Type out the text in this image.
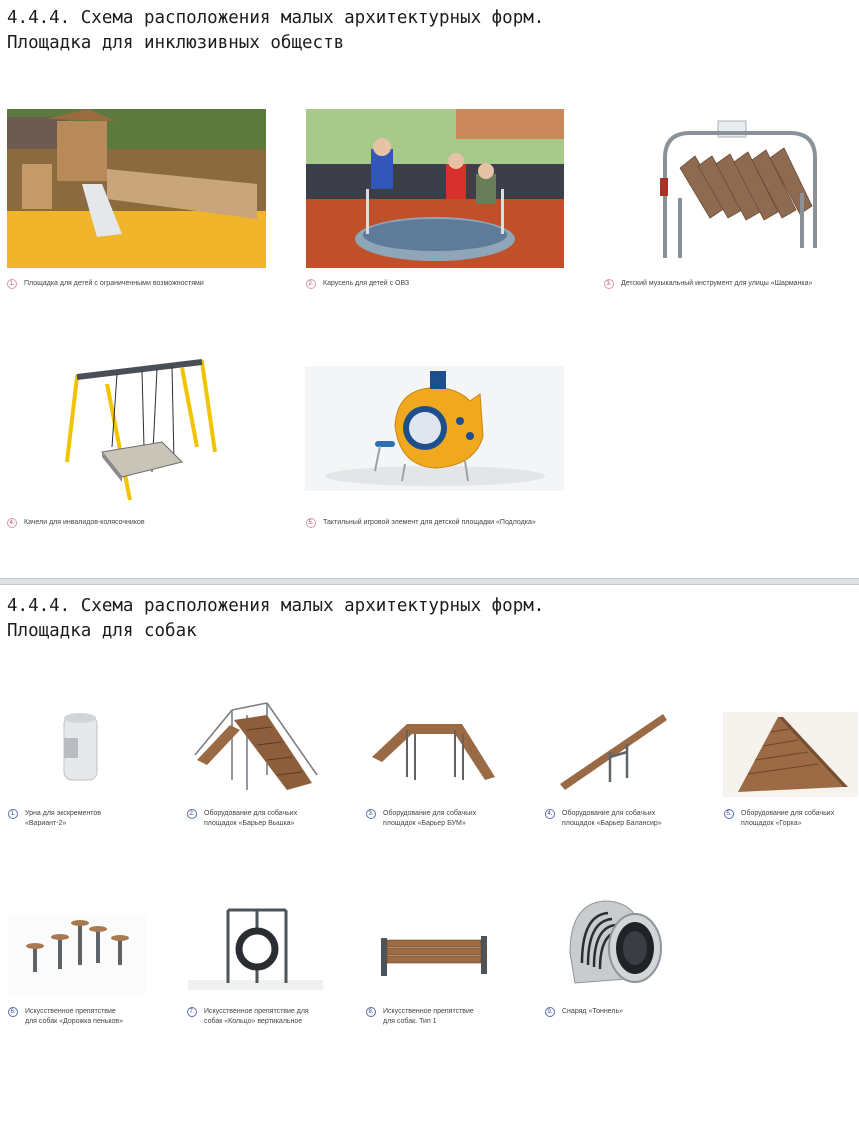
4.4.4. Схема расположения малых архитектурных форм.
Площадка для инклюзивных обществ
1.	Площадка для детей с ограниченными возможностями	2.	Карусель для детей с ОВЗ	3.	Детский музыкальный инструмент для улицы «Шарманка»
4.	Качели для инвалидов-колясочников	5.	Тактильный игровой элемент для детской площадки «Подлодка»
4.4.4. Схема расположения малых архитектурных форм.
Площадка для собак
1.	Урна для экскрементов
«Вариант-2»
2.	Оборудование для собачьих
площадок «Барьер Вышка»
3.	Оборудование для собачьих
площадок «Барьер БУМ»
4.	Оборудование для собачьих
площадок «Барьер Балансир»
5.	Оборудование для собачьих
площадок «Горка»
6.	Искусственное препятствие
для собак «Дорожка пеньков»
7.	Искусственное препятствие для
собак «Кольцо» вертикальное
8.	Искусственное препятствие
для собак. Тип 1
9.	Снаряд «Тоннель»
